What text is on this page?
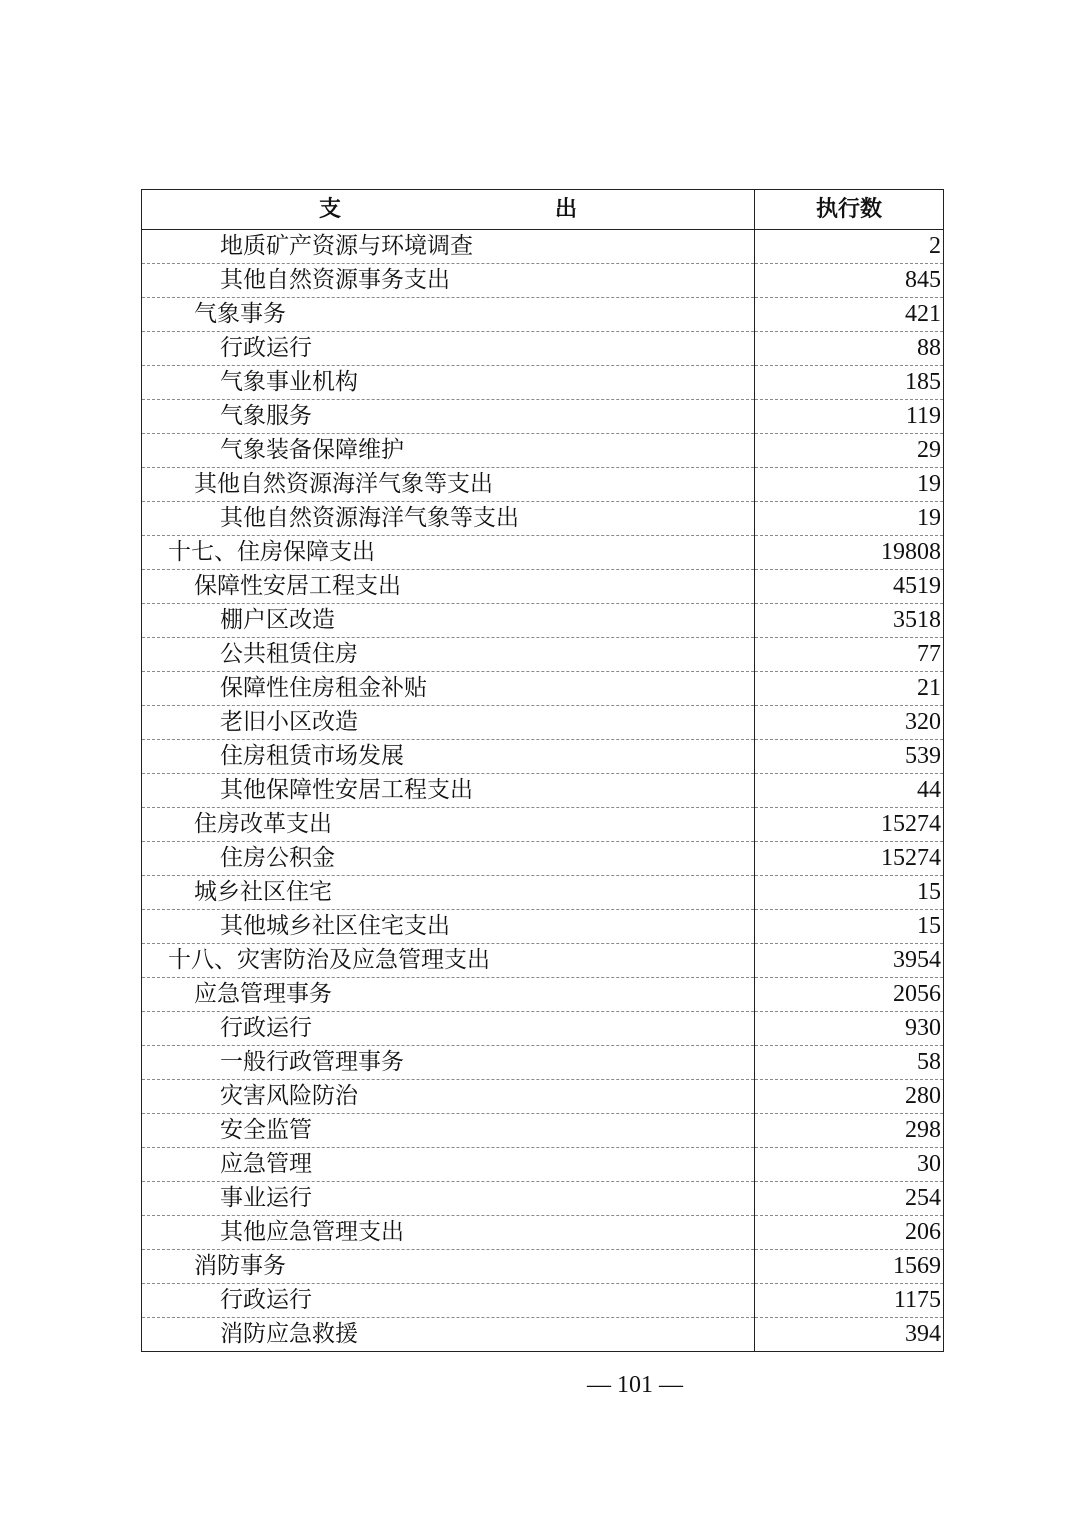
支　出	执行数
地质矿产资源与环境调查	2
其他自然资源事务支出	845
气象事务	421
行政运行	88
气象事业机构	185
气象服务	119
气象装备保障维护	29
其他自然资源海洋气象等支出	19
其他自然资源海洋气象等支出	19
十七、住房保障支出	19808
保障性安居工程支出	4519
棚户区改造	3518
公共租赁住房	77
保障性住房租金补贴	21
老旧小区改造	320
住房租赁市场发展	539
其他保障性安居工程支出	44
住房改革支出	15274
住房公积金	15274
城乡社区住宅	15
其他城乡社区住宅支出	15
十八、灾害防治及应急管理支出	3954
应急管理事务	2056
行政运行	930
一般行政管理事务	58
灾害风险防治	280
安全监管	298
应急管理	30
事业运行	254
其他应急管理支出	206
消防事务	1569
行政运行	1175
消防应急救援	394
— 101 —
